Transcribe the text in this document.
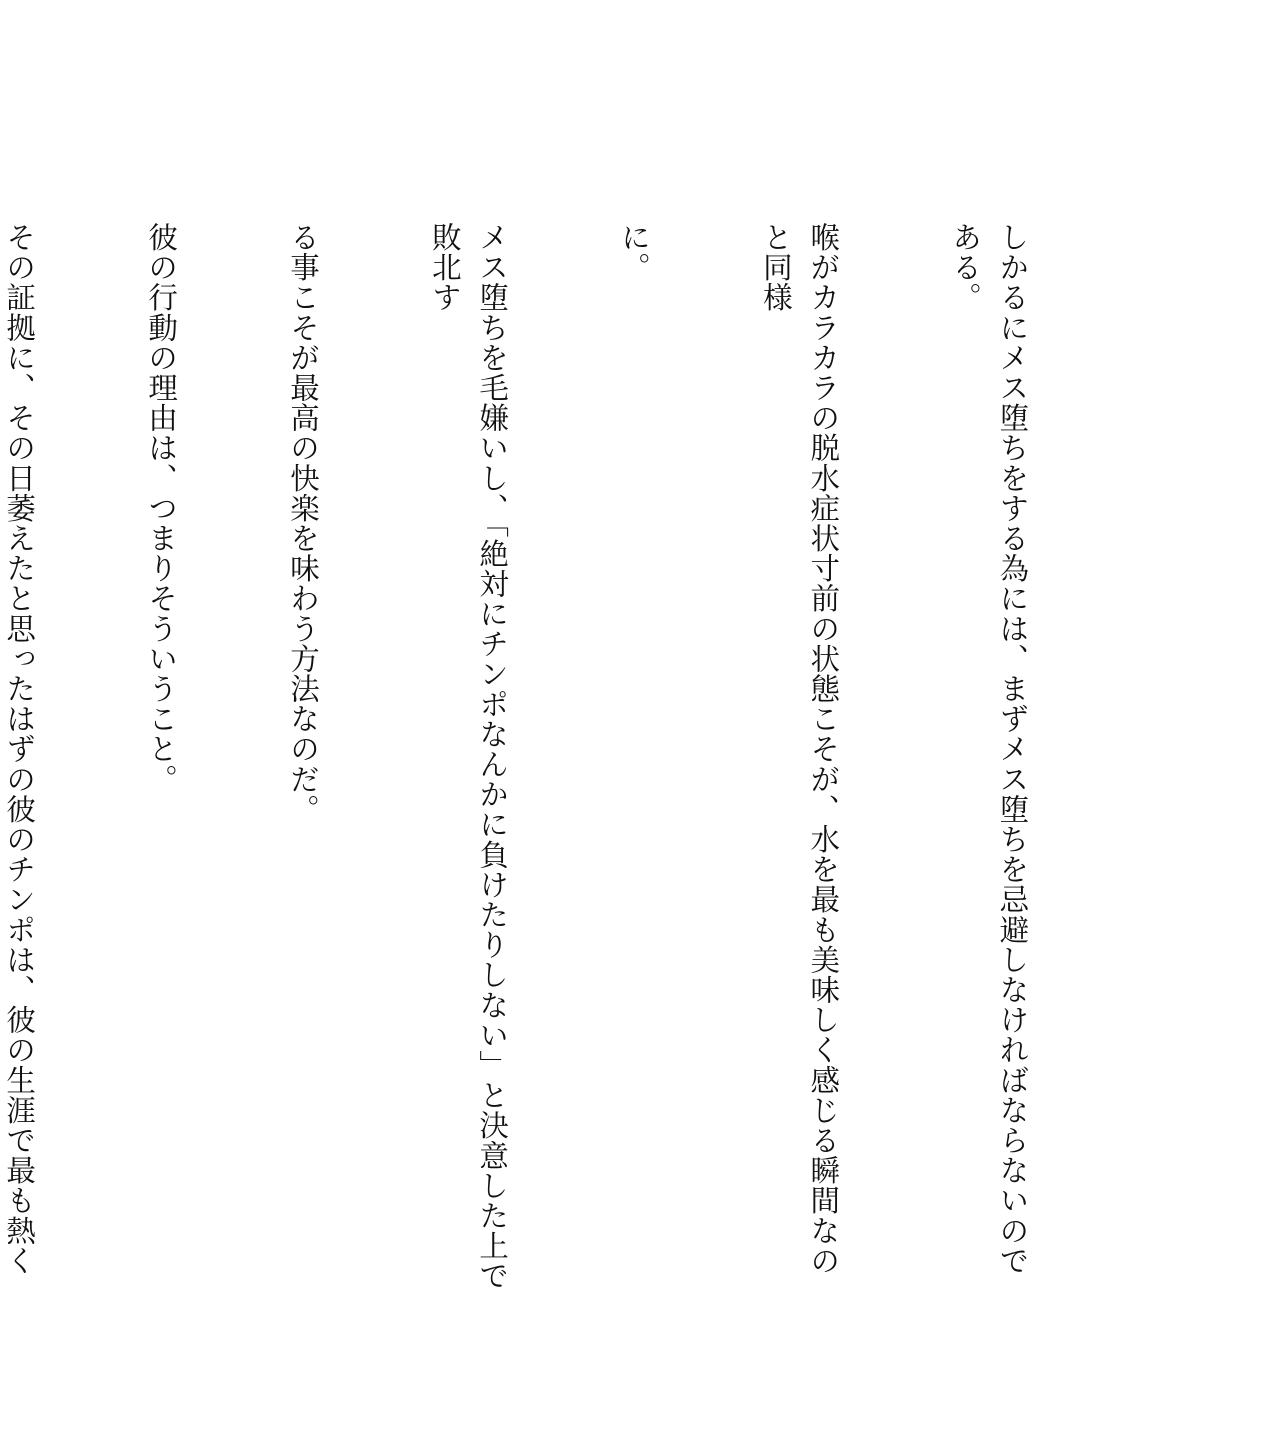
しかるにメス堕ちをする為には、まずメス堕ちを忌避しなければならないのである。

喉がカラカラの脱水症状寸前の状態こそが、水を最も美味しく感じる瞬間なのと同様

に。

メス堕ちを毛嫌いし、「絶対にチンポなんかに負けたりしない」と決意した上で敗北す

る事こそが最高の快楽を味わう方法なのだ。

彼の行動の理由は、つまりそういうこと。

その証拠に、その日萎えたと思ったはずの彼のチンポは、彼の生涯で最も熱く
